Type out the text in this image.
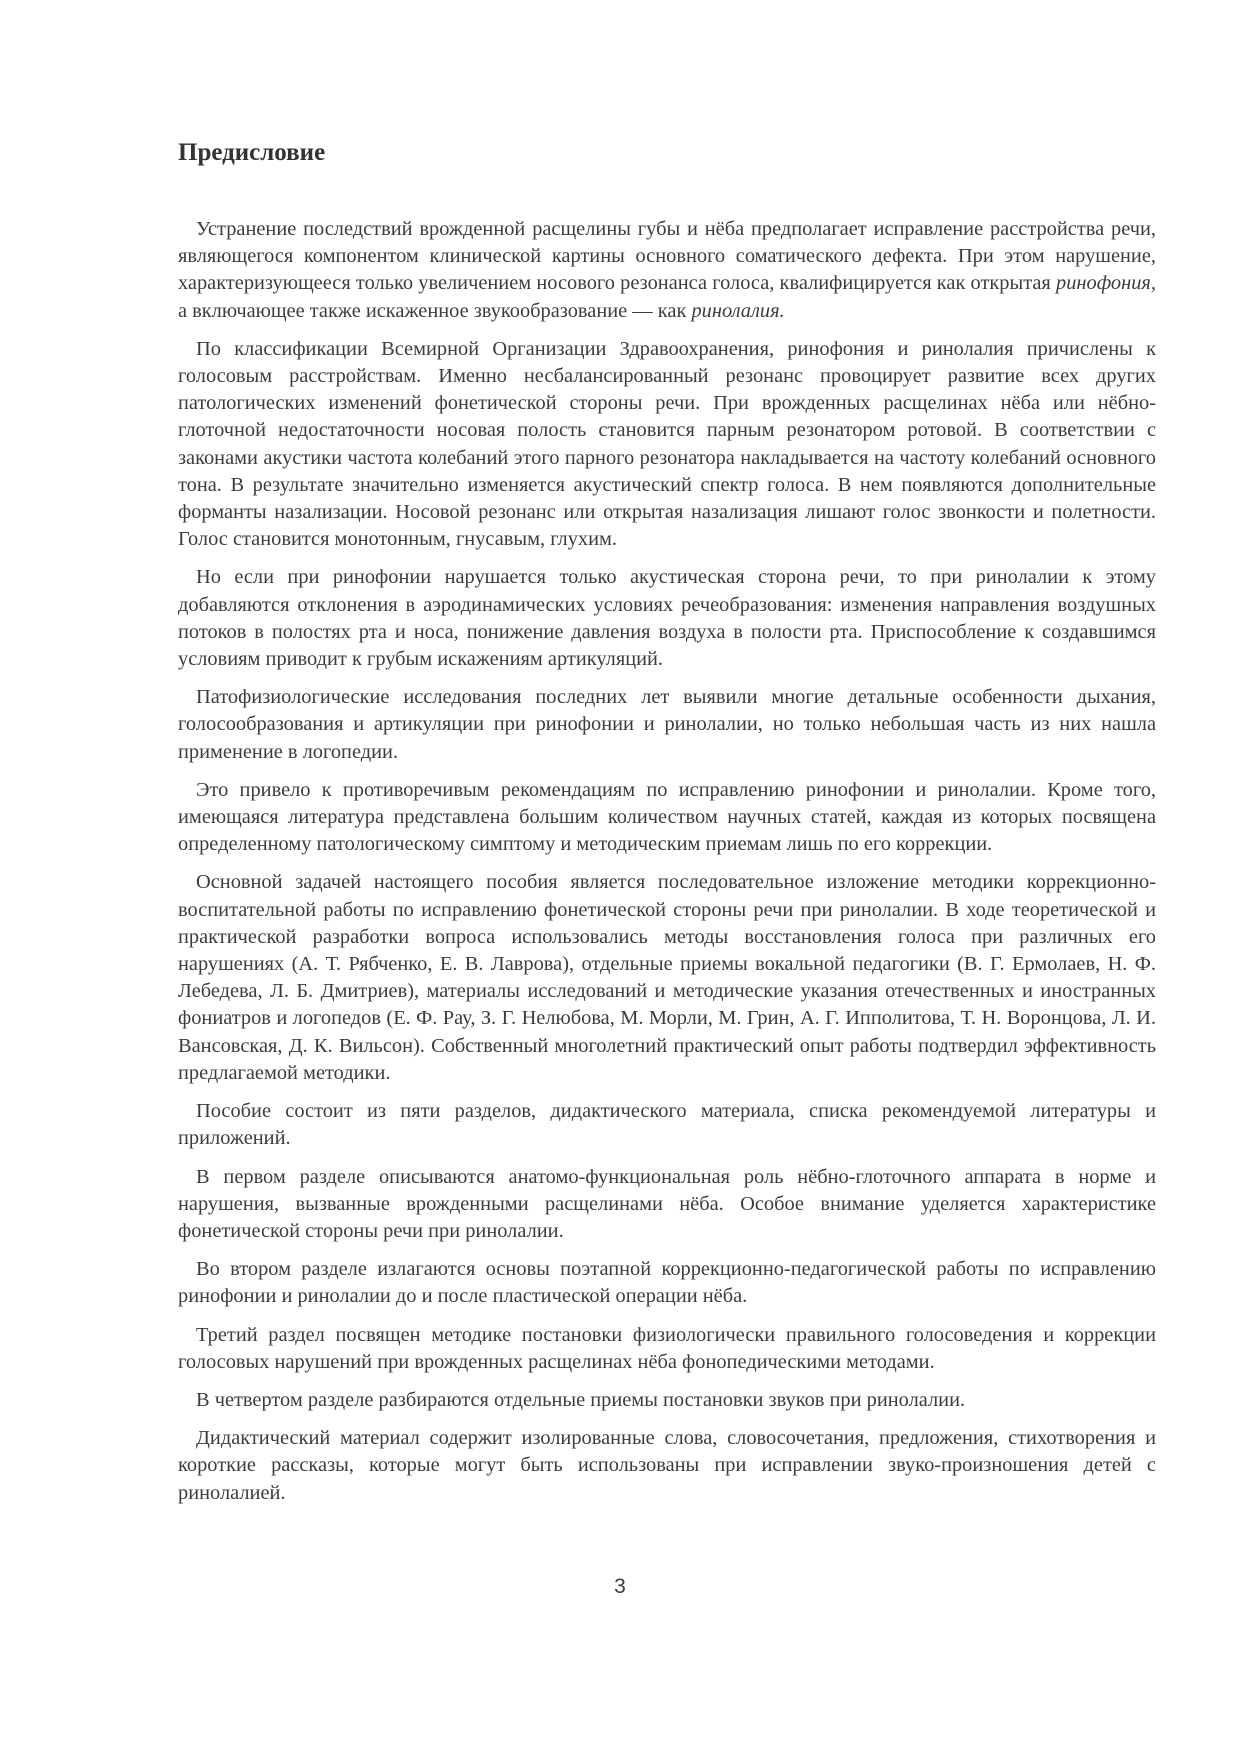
Предисловие

Устранение последствий врожденной расщелины губы и нёба предполагает исправление расстройства речи, являющегося компонентом клинической картины основного соматического дефекта. При этом нарушение, характеризующееся только увеличением носового резонанса голоса, квалифицируется как открытая ринофония, а включающее также искаженное звукообразование — как ринолалия.

По классификации Всемирной Организации Здравоохранения, ринофония и ринолалия причислены к голосовым расстройствам. Именно несбалансированный резонанс провоцирует развитие всех других патологических изменений фонетической стороны речи. При врожденных расщелинах нёба или нёбно-глоточной недостаточности носовая полость становится парным резонатором ротовой. В соответствии с законами акустики частота колебаний этого парного резонатора накладывается на частоту колебаний основного тона. В результате значительно изменяется акустический спектр голоса. В нем появляются дополнительные форманты назализации. Носовой резонанс или открытая назализация лишают голос звонкости и полетности. Голос становится монотонным, гнусавым, глухим.

Но если при ринофонии нарушается только акустическая сторона речи, то при ринолалии к этому добавляются отклонения в аэродинамических условиях речеобразования: изменения направления воздушных потоков в полостях рта и носа, понижение давления воздуха в полости рта. Приспособление к создавшимся условиям приводит к грубым искажениям артикуляций.

Патофизиологические исследования последних лет выявили многие детальные особенности дыхания, голосообразования и артикуляции при ринофонии и ринолалии, но только небольшая часть из них нашла применение в логопедии.

Это привело к противоречивым рекомендациям по исправлению ринофонии и ринолалии. Кроме того, имеющаяся литература представлена большим количеством научных статей, каждая из которых посвящена определенному патологическому симптому и методическим приемам лишь по его коррекции.

Основной задачей настоящего пособия является последовательное изложение методики коррекционно-воспитательной работы по исправлению фонетической стороны речи при ринолалии. В ходе теоретической и практической разработки вопроса использовались методы восстановления голоса при различных его нарушениях (А. Т. Рябченко, Е. В. Лаврова), отдельные приемы вокальной педагогики (В. Г. Ермолаев, Н. Ф. Лебедева, Л. Б. Дмитриев), материалы исследований и методические указания отечественных и иностранных фониатров и логопедов (Е. Ф. Рау, З. Г. Нелюбова, М. Морли, М. Грин, А. Г. Ипполитова, Т. Н. Воронцова, Л. И. Вансовская, Д. К. Вильсон). Собственный многолетний практический опыт работы подтвердил эффективность предлагаемой методики.

Пособие состоит из пяти разделов, дидактического материала, списка рекомендуемой литературы и приложений.

В первом разделе описываются анатомо-функциональная роль нёбно-глоточного аппарата в норме и нарушения, вызванные врожденными расщелинами нёба. Особое внимание уделяется характеристике фонетической стороны речи при ринолалии.

Во втором разделе излагаются основы поэтапной коррекционно-педагогической работы по исправлению ринофонии и ринолалии до и после пластической операции нёба.

Третий раздел посвящен методике постановки физиологически правильного голосоведения и коррекции голосовых нарушений при врожденных расщелинах нёба фонопедическими методами.

В четвертом разделе разбираются отдельные приемы постановки звуков при ринолалии.

Дидактический материал содержит изолированные слова, словосочетания, предложения, стихотворения и короткие рассказы, которые могут быть использованы при исправлении звуко-произношения детей с ринолалией.

3
